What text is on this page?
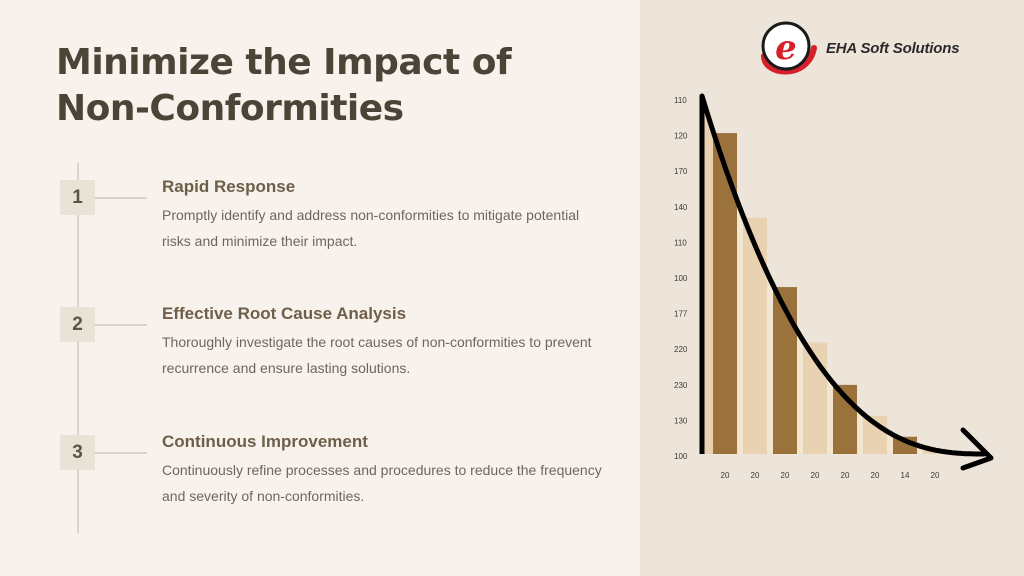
Minimize the Impact of Non-Conformities
1	Rapid Response
Promptly identify and address non-conformities to mitigate potential risks and minimize their impact.
2	Effective Root Cause Analysis
Thoroughly investigate the root causes of non-conformities to prevent recurrence and ensure lasting solutions.
3	Continuous Improvement
Continuously refine processes and procedures to reduce the frequency and severity of non-conformities.
e EHA Soft Solutions
110
120
170
140
110
100
177
220
230
130
100
20	20	20	20	20	20	14	20
